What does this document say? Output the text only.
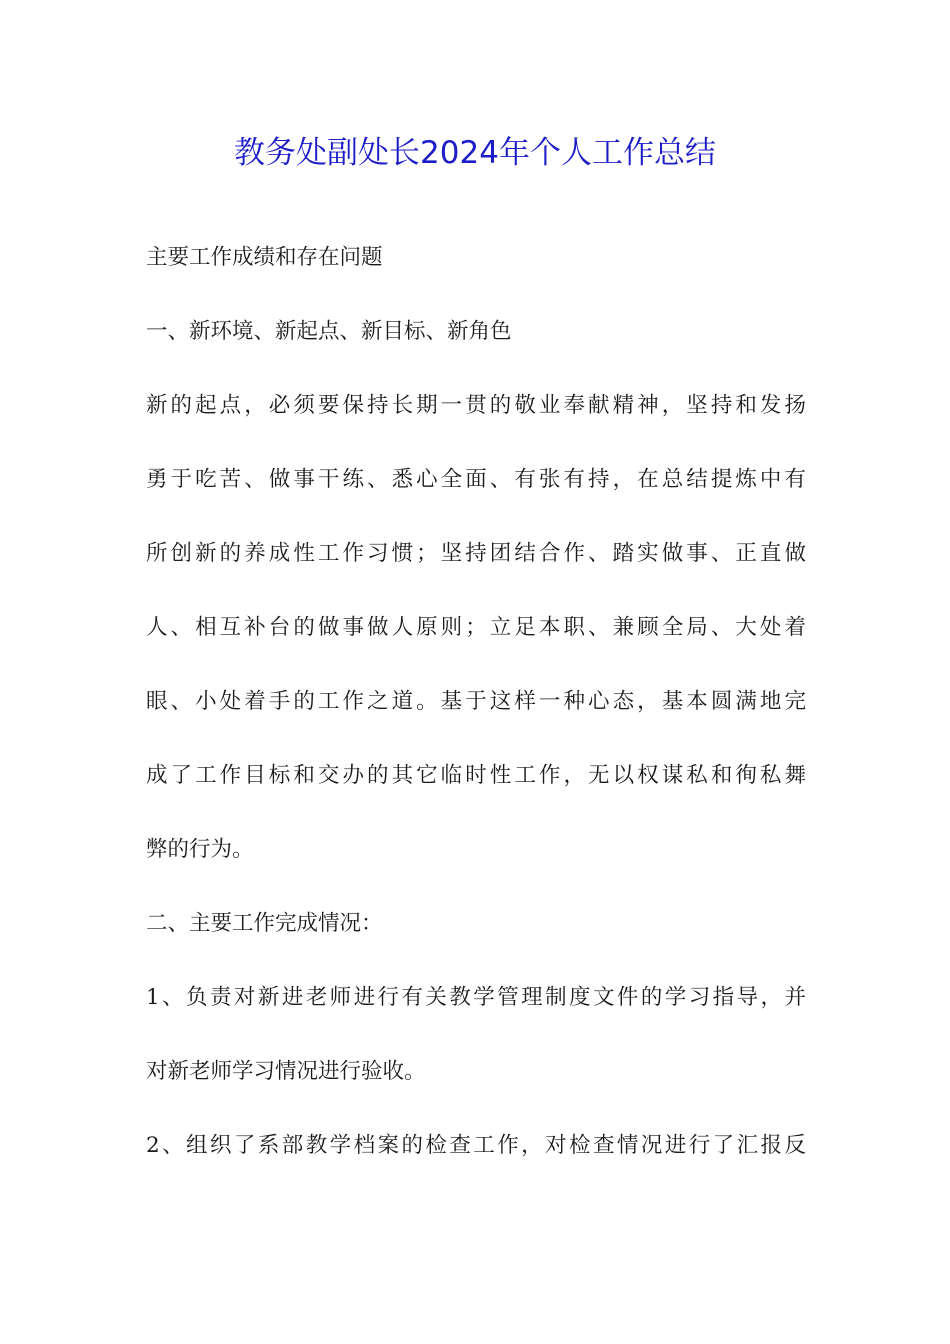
教务处副处长2024年个人工作总结

主要工作成绩和存在问题

一、新环境、新起点、新目标、新角色

新的起点，必须要保持长期一贯的敬业奉献精神，坚持和发扬

勇于吃苦、做事干练、悉心全面、有张有持，在总结提炼中有

所创新的养成性工作习惯；坚持团结合作、踏实做事、正直做

人、相互补台的做事做人原则；立足本职、兼顾全局、大处着

眼、小处着手的工作之道。基于这样一种心态，基本圆满地完

成了工作目标和交办的其它临时性工作，无以权谋私和徇私舞

弊的行为。

二、主要工作完成情况：

1、负责对新进老师进行有关教学管理制度文件的学习指导，并

对新老师学习情况进行验收。

2、组织了系部教学档案的检查工作，对检查情况进行了汇报反
